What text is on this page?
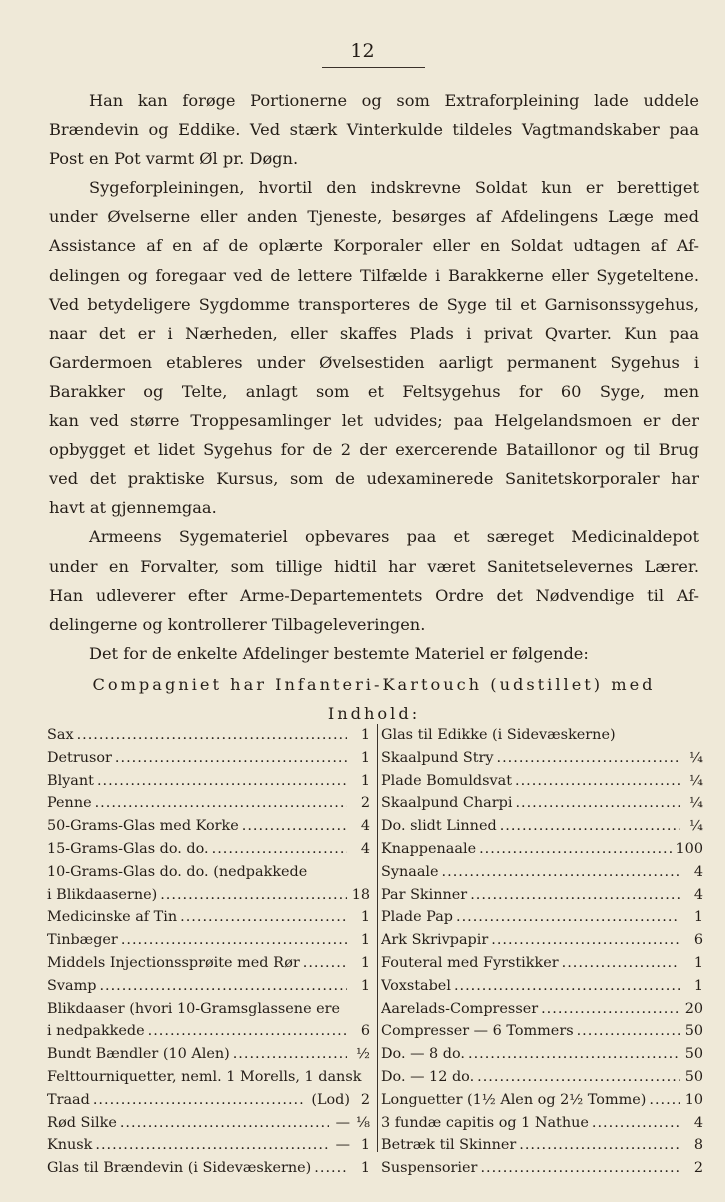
12

Han kan forøge Portionerne og som Extraforpleining lade uddele

Brændevin og Eddike. Ved stærk Vinterkulde tildeles Vagtmandskaber paa

Post en Pot varmt Øl pr. Døgn.

Sygeforpleiningen, hvortil den indskrevne Soldat kun er berettiget

under Øvelserne eller anden Tjeneste, besørges af Afdelingens Læge med

Assistance af en af de oplærte Korporaler eller en Soldat udtagen af Af-

delingen og foregaar ved de lettere Tilfælde i Barakkerne eller Sygeteltene.

Ved betydeligere Sygdomme transporteres de Syge til et Garnisonssygehus,

naar det er i Nærheden, eller skaffes Plads i privat Qvarter. Kun paa

Gardermoen etableres under Øvelsestiden aarligt permanent Sygehus i

Barakker og Telte, anlagt som et Feltsygehus for 60 Syge, men

kan ved større Troppesamlinger let udvides; paa Helgelandsmoen er der

opbygget et lidet Sygehus for de 2 der exercerende Bataillonor og til Brug

ved det praktiske Kursus, som de udexaminerede Sanitetskorporaler har

havt at gjennemgaa.

Armeens Sygemateriel opbevares paa et særeget Medicinaldepot

under en Forvalter, som tillige hidtil har været Sanitetselevernes Lærer.

Han udleverer efter Arme-Departementets Ordre det Nødvendige til Af-

delingerne og kontrollerer Tilbageleveringen.

Det for de enkelte Afdelinger bestemte Materiel er følgende:

Compagniet har Infanteri-Kartouch (udstillet) med Indhold:

Sax .....	1
Detrusor .....	1
Blyant .....	1
Penne .....	2
50-Grams-Glas med Korke .....	4
15-Grams-Glas do. do. .....	4
10-Grams-Glas do. do. (nedpakkede
i Blikdaaserne) .....	18
Medicinske af Tin .....	1
Tinbæger .....	1
Middels Injectionssprøite med Rør .....	1
Svamp .....	1
Blikdaaser (hvori 10-Gramsglassene ere
i nedpakkede .....	6
Bundt Bændler (10 Alen) .....	½
Felttourniquetter, neml. 1 Morells, 1 dansk
Traad .....	(Lod) 2
Rød Silke .....	— ⅛
Knusk .....	— 1
Glas til Brændevin (i Sidevæskerne) .....	1
Glas til Edikke (i Sidevæskerne)
Skaalpund Stry .....	¼
Plade Bomuldsvat .....	¼
Skaalpund Charpi .....	¼
Do. slidt Linned .....	¼
Knappenaale .....	100
Synaale .....	4
Par Skinner .....	4
Plade Pap .....	1
Ark Skrivpapir .....	6
Fouteral med Fyrstikker .....	1
Voxstabel .....	1
Aarelads-Compresser .....	20
Compresser — 6 Tommers .....	50
Do. — 8 do. .....	50
Do. — 12 do. .....	50
Longuetter (1½ Alen og 2½ Tomme) .....	10
3 fundæ capitis og 1 Nathue .....	4
Betræk til Skinner .....	8
Suspensorier .....	2
